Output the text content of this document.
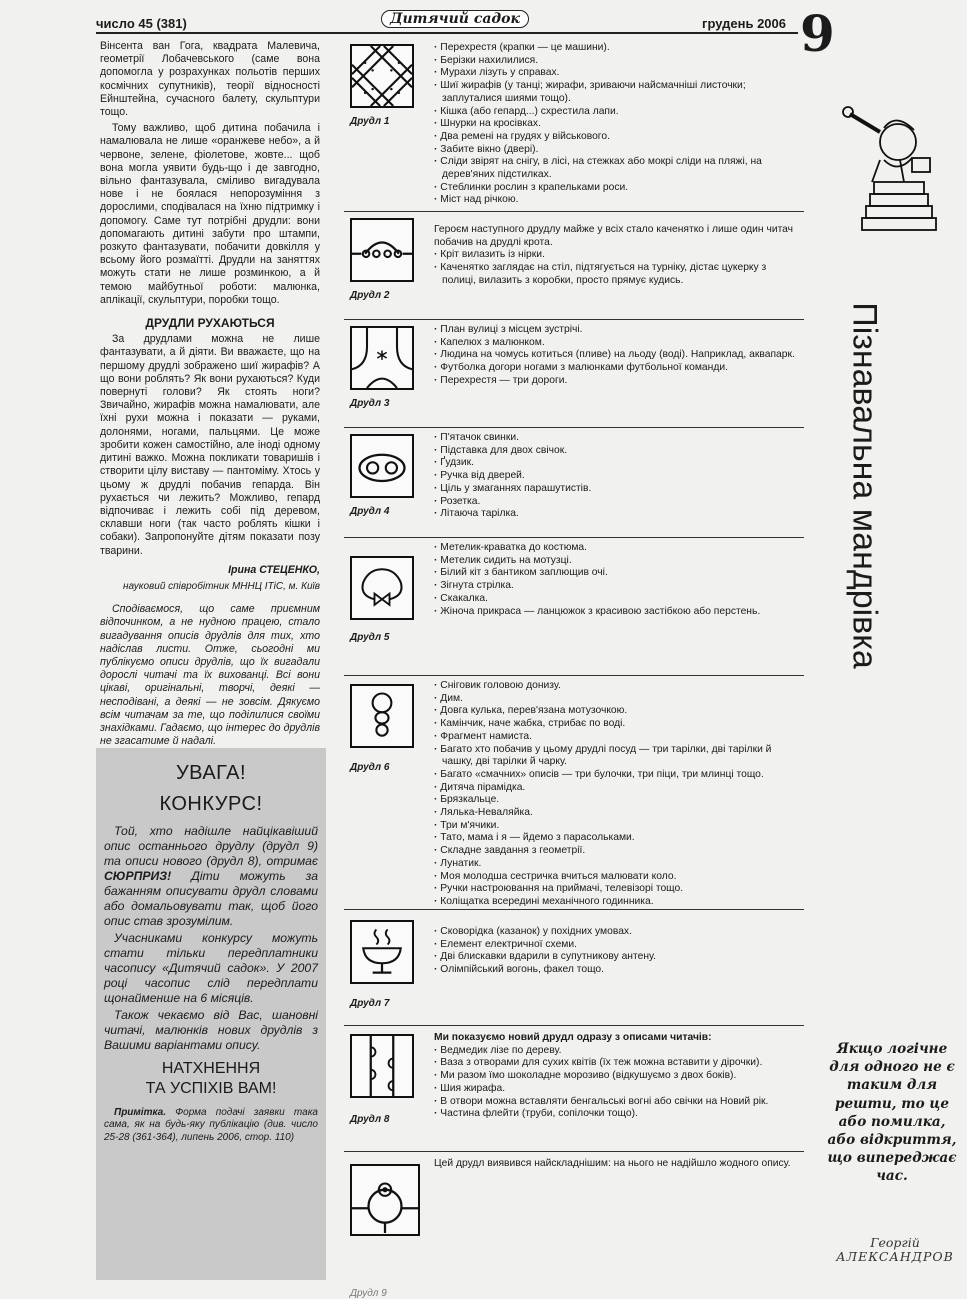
число 45 (381)	Дитячий садок	грудень 2006 9

Вінсента ван Гога, квадрата Малевича, геометрії Лобачевського (саме вона допомогла у розрахунках польотів перших космічних супутників), теорії відносності Ейнштейна, сучасного балету, скульптури тощо.

Тому важливо, щоб дитина побачила і намалювала не лише «оранжеве небо», а й червоне, зелене, фіолетове, жовте... щоб вона могла уявити будь-що і де завгодно, вільно фантазувала, сміливо вигадувала нове і не боялася непорозуміння з дорослими, сподівалася на їхню підтримку і допомогу. Саме тут потрібні друдли: вони допомагають дитині забути про штампи, розкуто фантазувати, побачити довкілля у всьому його розмаїтті. Друдли на заняттях можуть стати не лише розминкою, а й темою майбутньої роботи: малюнка, аплікації, скульптури, поробки тощо.

ДРУДЛИ РУХАЮТЬСЯ

За друдлами можна не лише фантазувати, а й діяти. Ви вважаєте, що на першому друдлі зображено шиї жирафів? А що вони роблять? Як вони рухаються? Куди повернуті голови? Як стоять ноги? Звичайно, жирафів можна намалювати, але їхні рухи можна і показати — руками, долонями, ногами, пальцями. Це може зробити кожен самостійно, але іноді одному дитині важко. Можна покликати товаришів і створити цілу виставу — пантоміму. Хтось у цьому ж друдлі побачив гепарда. Він рухається чи лежить? Можливо, гепард відпочиває і лежить собі під деревом, склавши ноги (так часто роблять кішки і собаки). Запропонуйте дітям показати позу тварини.

Ірина СТЕЦЕНКО,

науковий співробітник МННЦ ІТіС, м. Київ

Сподіваємося, що саме приємним відпочинком, а не нудною працею, стало вигадування описів друдлів для тих, хто надіслав листи. Отже, сьогодні ми публікуємо описи друдлів, що їх вигадали дорослі читачі та їх вихованці. Всі вони цікаві, оригінальні, творчі, деякі — несподівані, а деякі — не зовсім. Дякуємо всім читачам за те, що поділилися своїми знахідками. Гадаємо, що інтерес до друдлів не згасатиме й надалі.

УВАГА!
КОНКУРС!

Той, хто надішле найцікавіший опис останнього друдлу (друдл 9) та описи нового (друдл 8), отримає СЮРПРИЗ! Діти можуть за бажанням описувати друдл словами або домальовувати так, щоб його опис став зрозумілим.

Учасниками конкурсу можуть стати тільки передплатники часопису «Дитячий садок». У 2007 році часопис слід передплати щонайменше на 6 місяців.

Також чекаємо від Вас, шановні читачі, малюнків нових друдлів з Вашими варіантами опису.

НАТХНЕННЯ

ТА УСПІХІВ ВАМ!

Примітка. Форма подачі заявки така сама, як на будь-яку публікацію (див. число 25-28 (361-364), липень 2006, стор. 110)

Друдл 1
· Перехрестя (крапки — це машини).
· Берізки нахилилися.
· Мурахи лізуть у справах.
· Шиї жирафів (у танці; жирафи, зриваючи найсмачніші листочки; заплуталися шиями тощо).
· Кішка (або гепард...) схрестила лапи.
· Шнурки на кросівках.
· Два ремені на грудях у військового.
· Забите вікно (двері).
· Сліди звірят на снігу, в лісі, на стежках або мокрі сліди на пляжі, на дерев'яних підстилках.
· Стеблинки рослин з крапельками роси.
· Міст над річкою.
Друдл 2
Героєм наступного друдлу майже у всіх стало каченятко і лише один читач побачив на друдлі крота.
· Кріт вилазить із нірки.
· Каченятко заглядає на стіл, підтягується на турніку, дістає цукерку з полиці, вилазить з коробки, просто прямує кудись.
Друдл 3
· План вулиці з місцем зустрічі.
· Капелюх з малюнком.
· Людина на чомусь котиться (пливе) на льоду (воді). Наприклад, аквапарк.
· Футболка догори ногами з малюнками футбольної команди.
· Перехрестя — три дороги.
Друдл 4
· П'ятачок свинки.
· Підставка для двох свічок.
· Ґудзик.
· Ручка від дверей.
· Ціль у змаганнях парашутистів.
· Розетка.
· Літаюча тарілка.
Друдл 5
· Метелик-краватка до костюма.
· Метелик сидить на мотузці.
· Білий кіт з бантиком заплющив очі.
· Зігнута стрілка.
· Скакалка.
· Жіноча прикраса — ланцюжок з красивою застібкою або перстень.
Друдл 6
· Сніговик головою донизу.
· Дим.
· Довга кулька, перев'язана мотузочкою.
· Камінчик, наче жабка, стрибає по воді.
· Фрагмент намиста.
· Багато хто побачив у цьому друдлі посуд — три тарілки, дві тарілки й чашку, дві тарілки й чарку.
· Багато «смачних» описів — три булочки, три піци, три млинці тощо.
· Дитяча пірамідка.
· Брязкальце.
· Лялька-Неваляйка.
· Три м'ячики.
· Тато, мама і я — йдемо з парасольками.
· Складне завдання з геометрії.
· Лунатик.
· Моя молодша сестричка вчиться малювати коло.
· Ручки настроювання на приймачі, телевізорі тощо.
· Коліщатка всередині механічного годинника.
Друдл 7
· Сковорідка (казанок) у похідних умовах.
· Елемент електричної схеми.
· Дві блискавки вдарили в супутникову антену.
· Олімпійський вогонь, факел тощо.
Друдл 8
Ми показуємо новий друдл одразу з описами читачів:
· Ведмедик лізе по дереву.
· Ваза з отворами для сухих квітів (їх теж можна вставити у дірочки).
· Ми разом їмо шоколадне морозиво (відкушуємо з двох боків).
· Шия жирафа.
· В отвори можна вставляти бенгальські вогні або свічки на Новий рік.
· Частина флейти (труби, сопілочки тощо).
Друдл 9
Цей друдл виявився найскладнішим: на нього не надійшло жодного опису.
Пізнавальна мандрівка
Якщо логічне для одного не є таким для решти, то це або помилка, або відкриття, що випереджає час.
Георгій
АЛЕКСАНДРОВ
